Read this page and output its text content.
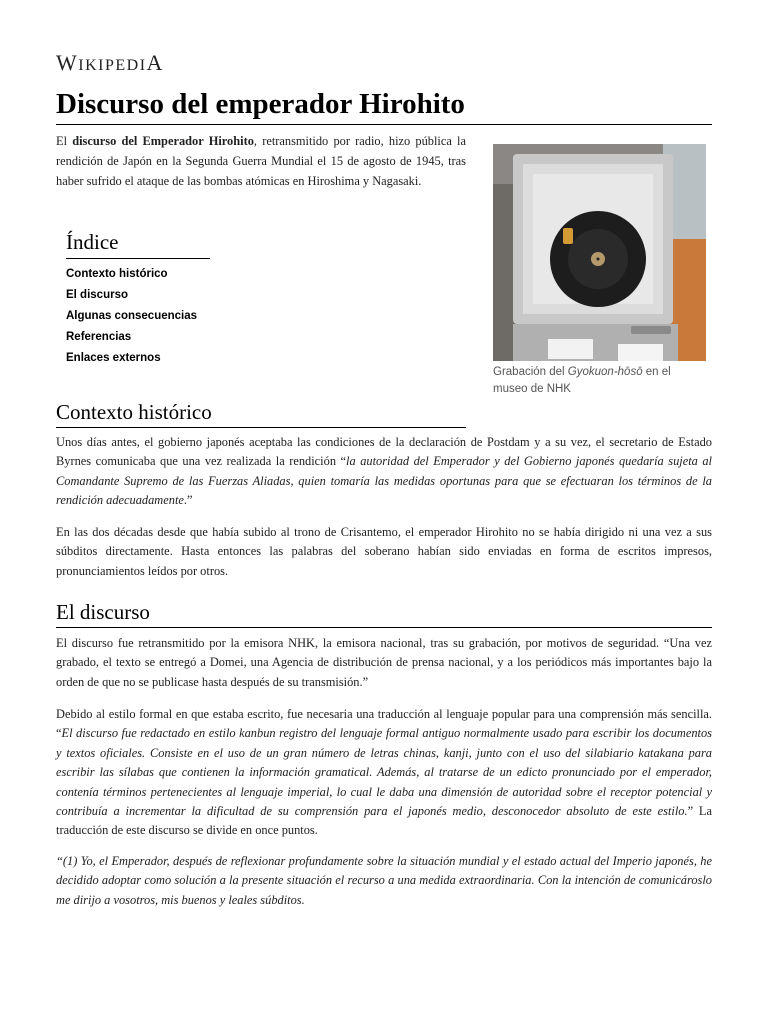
WIKIPEDIA
Discurso del emperador Hirohito

El discurso del Emperador Hirohito, retransmitido por radio, hizo pública la rendición de Japón en la Segunda Guerra Mundial el 15 de agosto de 1945, tras haber sufrido el ataque de las bombas atómicas en Hiroshima y Nagasaki.

Índice
Contexto histórico
El discurso
Algunas consecuencias
Referencias
Enlaces externos
Grabación del Gyokuon-hōsō en el museo de NHK
Contexto histórico

Unos días antes, el gobierno japonés aceptaba las condiciones de la declaración de Postdam y a su vez, el secretario de Estado Byrnes comunicaba que una vez realizada la rendición “la autoridad del Emperador y del Gobierno japonés quedaría sujeta al Comandante Supremo de las Fuerzas Aliadas, quien tomaría las medidas oportunas para que se efectuaran los términos de la rendición adecuadamente.”

En las dos décadas desde que había subido al trono de Crisantemo, el emperador Hirohito no se había dirigido ni una vez a sus súbditos directamente. Hasta entonces las palabras del soberano habían sido enviadas en forma de escritos impresos, pronunciamientos leídos por otros.

El discurso

El discurso fue retransmitido por la emisora NHK, la emisora nacional, tras su grabación, por motivos de seguridad. “Una vez grabado, el texto se entregó a Domei, una Agencia de distribución de prensa nacional, y a los periódicos más importantes bajo la orden de que no se publicase hasta después de su transmisión.”

Debido al estilo formal en que estaba escrito, fue necesaria una traducción al lenguaje popular para una comprensión más sencilla. “El discurso fue redactado en estilo kanbun registro del lenguaje formal antiguo normalmente usado para escribir los documentos y textos oficiales. Consiste en el uso de un gran número de letras chinas, kanji, junto con el uso del silabiario katakana para escribir las sílabas que contienen la información gramatical. Además, al tratarse de un edicto pronunciado por el emperador, contenía términos pertenecientes al lenguaje imperial, lo cual le daba una dimensión de autoridad sobre el receptor potencial y contribuía a incrementar la dificultad de su comprensión para el japonés medio, desconocedor absoluto de este estilo.” La traducción de este discurso se divide en once puntos.

“(1) Yo, el Emperador, después de reflexionar profundamente sobre la situación mundial y el estado actual del Imperio japonés, he decidido adoptar como solución a la presente situación el recurso a una medida extraordinaria. Con la intención de comunicároslo me dirijo a vosotros, mis buenos y leales súbditos.
